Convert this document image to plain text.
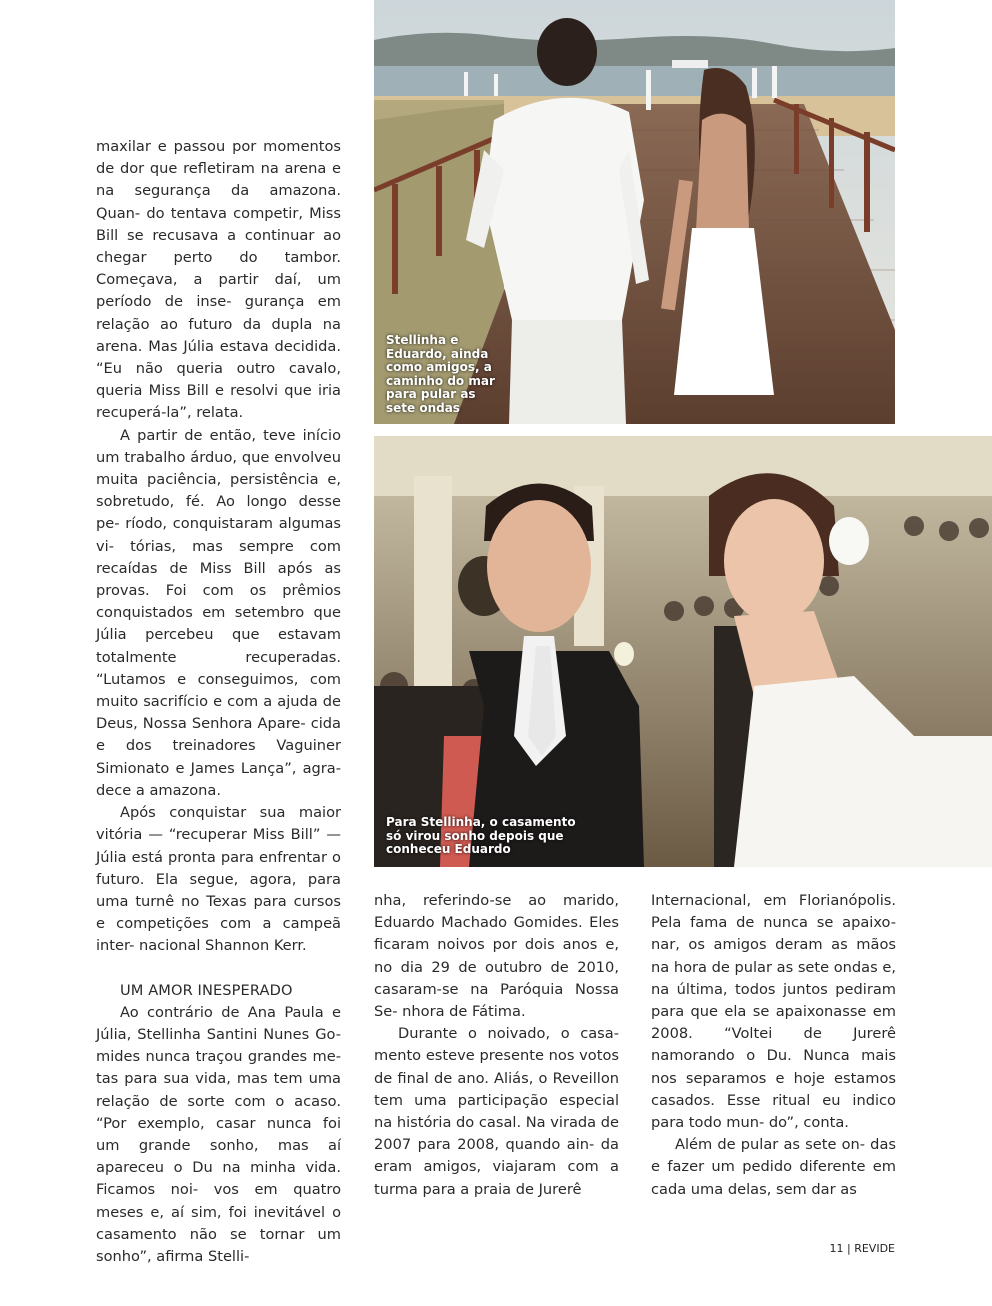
maxilar e passou por momentos de dor que refletiram na arena e na segurança da amazona. Quan- do tentava competir, Miss Bill se recusava a continuar ao chegar perto do tambor. Começava, a partir daí, um período de inse- gurança em relação ao futuro da dupla na arena. Mas Júlia estava decidida. “Eu não queria outro cavalo, queria Miss Bill e resolvi que iria recuperá-la”, relata.

A partir de então, teve início um trabalho árduo, que envolveu muita paciência, persistência e, sobretudo, fé. Ao longo desse pe- ríodo, conquistaram algumas vi- tórias, mas sempre com recaídas de Miss Bill após as provas. Foi com os prêmios conquistados em setembro que Júlia percebeu que estavam totalmente recuperadas. “Lutamos e conseguimos, com muito sacrifício e com a ajuda de Deus, Nossa Senhora Apare- cida e dos treinadores Vaguiner Simionato e James Lança”, agra- dece a amazona.

Após conquistar sua maior vitória — “recuperar Miss Bill” — Júlia está pronta para enfrentar o futuro. Ela segue, agora, para uma turnê no Texas para cursos e competições com a campeã inter- nacional Shannon Kerr.

UM AMOR INESPERADO

Ao contrário de Ana Paula e Júlia, Stellinha Santini Nunes Go- mides nunca traçou grandes me- tas para sua vida, mas tem uma relação de sorte com o acaso. “Por exemplo, casar nunca foi um grande sonho, mas aí apareceu o Du na minha vida. Ficamos noi- vos em quatro meses e, aí sim, foi inevitável o casamento não se tornar um sonho”, afirma Stelli-

nha, referindo-se ao marido, Eduardo Machado Gomides. Eles ficaram noivos por dois anos e, no dia 29 de outubro de 2010, casaram-se na Paróquia Nossa Se- nhora de Fátima.

Durante o noivado, o casa- mento esteve presente nos votos de final de ano. Aliás, o Reveillon tem uma participação especial na história do casal. Na virada de 2007 para 2008, quando ain- da eram amigos, viajaram com a turma para a praia de Jurerê

Internacional, em Florianópolis. Pela fama de nunca se apaixo- nar, os amigos deram as mãos na hora de pular as sete ondas e, na última, todos juntos pediram para que ela se apaixonasse em 2008. “Voltei de Jurerê namorando o Du. Nunca mais nos separamos e hoje estamos casados. Esse ritual eu indico para todo mun- do”, conta.

Além de pular as sete on- das e fazer um pedido diferente em cada uma delas, sem dar as

Stellinha e
Eduardo, ainda
como amigos, a
caminho do mar
para pular as
sete ondas
Para Stellinha, o casamento
só virou sonho depois que
conheceu Eduardo
11 | REVIDE
